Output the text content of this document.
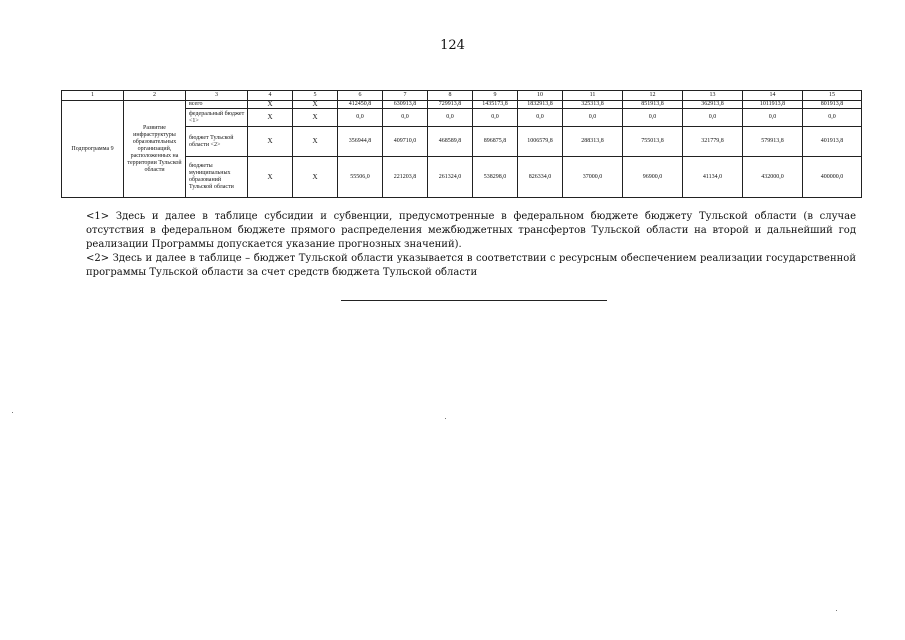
124
1	2	3	4	5	6	7	8	9	10	11	12	13	14	15
Подпрограмма 9	Развитие инфраструктуры образовательных организаций, расположенных на территории Тульской области	всего	Х	Х	412450,8	630913,8	729913,8	1435173,8	1832913,8	325313,8	851913,8	362913,8	1011913,8	801913,8
		федеральный бюджет <1>	Х	Х	0,0	0,0	0,0	0,0	0,0	0,0	0,0	0,0	0,0	0,0
		бюджет Тульской области <2>	Х	Х	356944,8	409710,0	468589,8	896875,8	1006579,8	288313,8	755013,8	321779,8	579913,8	401913,8
		бюджеты муниципальных образований Тульской области	Х	Х	55506,0	221203,8	261324,0	538298,0	826334,0	37000,0	96900,0	41134,0	432000,0	400000,0

<1> Здесь и далее в таблице субсидии и субвенции, предусмотренные в федеральном бюджете бюджету Тульской области (в случае отсутствия в федеральном бюджете прямого распределения межбюджетных трансфертов Тульской области на второй и дальнейший год реализации Программы допускается указание прогнозных значений).

<2> Здесь и далее в таблице – бюджет Тульской области указывается в соответствии с ресурсным обеспечением реализации государственной программы Тульской области за счет средств бюджета Тульской области
